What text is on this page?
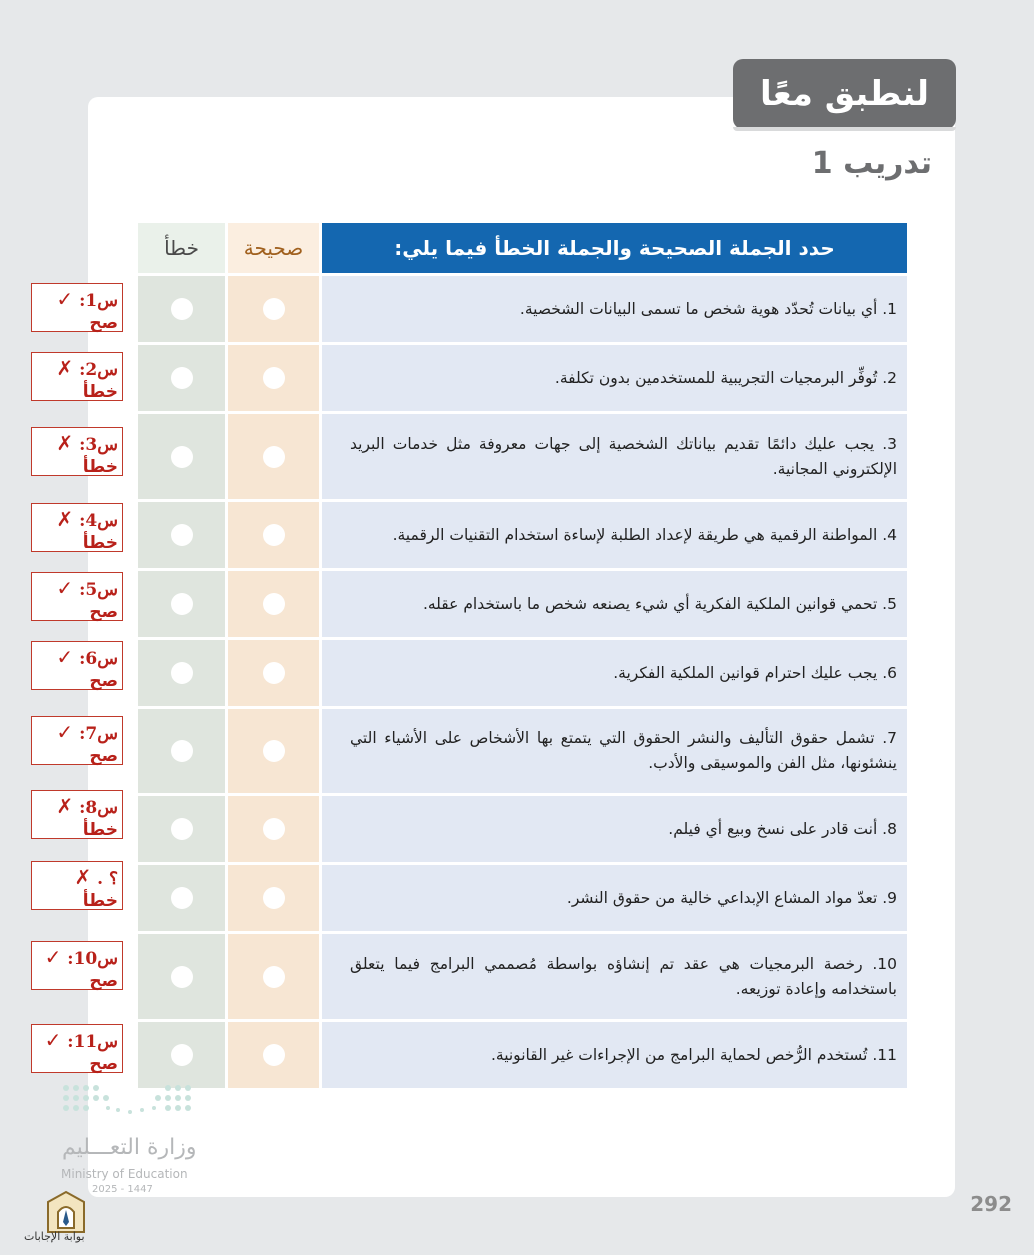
لنطبق معًا
تدريب 1
خطأ	صحيحة	حدد الجملة الصحيحة والجملة الخطأ فيما يلي:
1. أي بيانات تُحدّد هوية شخص ما تسمى البيانات الشخصية.
2. تُوفِّر البرمجيات التجريبية للمستخدمين بدون تكلفة.
3. يجب عليك دائمًا تقديم بياناتك الشخصية إلى جهات معروفة مثل خدمات البريد الإلكتروني المجانية.
4. المواطنة الرقمية هي طريقة لإعداد الطلبة لإساءة استخدام التقنيات الرقمية.
5. تحمي قوانين الملكية الفكرية أي شيء يصنعه شخص ما باستخدام عقله.
6. يجب عليك احترام قوانين الملكية الفكرية.
7. تشمل حقوق التأليف والنشر الحقوق التي يتمتع بها الأشخاص على الأشياء التي ينشئونها، مثل الفن والموسيقى والأدب.
8. أنت قادر على نسخ وبيع أي فيلم.
9. تعدّ مواد المشاع الإبداعي خالية من حقوق النشر.
10. رخصة البرمجيات هي عقد تم إنشاؤه بواسطة مُصممي البرامج فيما يتعلق باستخدامه وإعادة توزيعه.
11. تُستخدم الرُّخص لحماية البرامج من الإجراءات غير القانونية.
س1: ✓ صح
س2: ✗ خطأ
س3: ✗ خطأ
س4: ✗ خطأ
س5: ✓ صح
س6: ✓ صح
س7: ✓ صح
س8: ✗ خطأ
؟ . ✗ خطأ
س10: ✓ صح
س11: ✓ صح
وزارة التعـــليم
Ministry of Education
2025 - 1447
بوابة الإجابات
292
